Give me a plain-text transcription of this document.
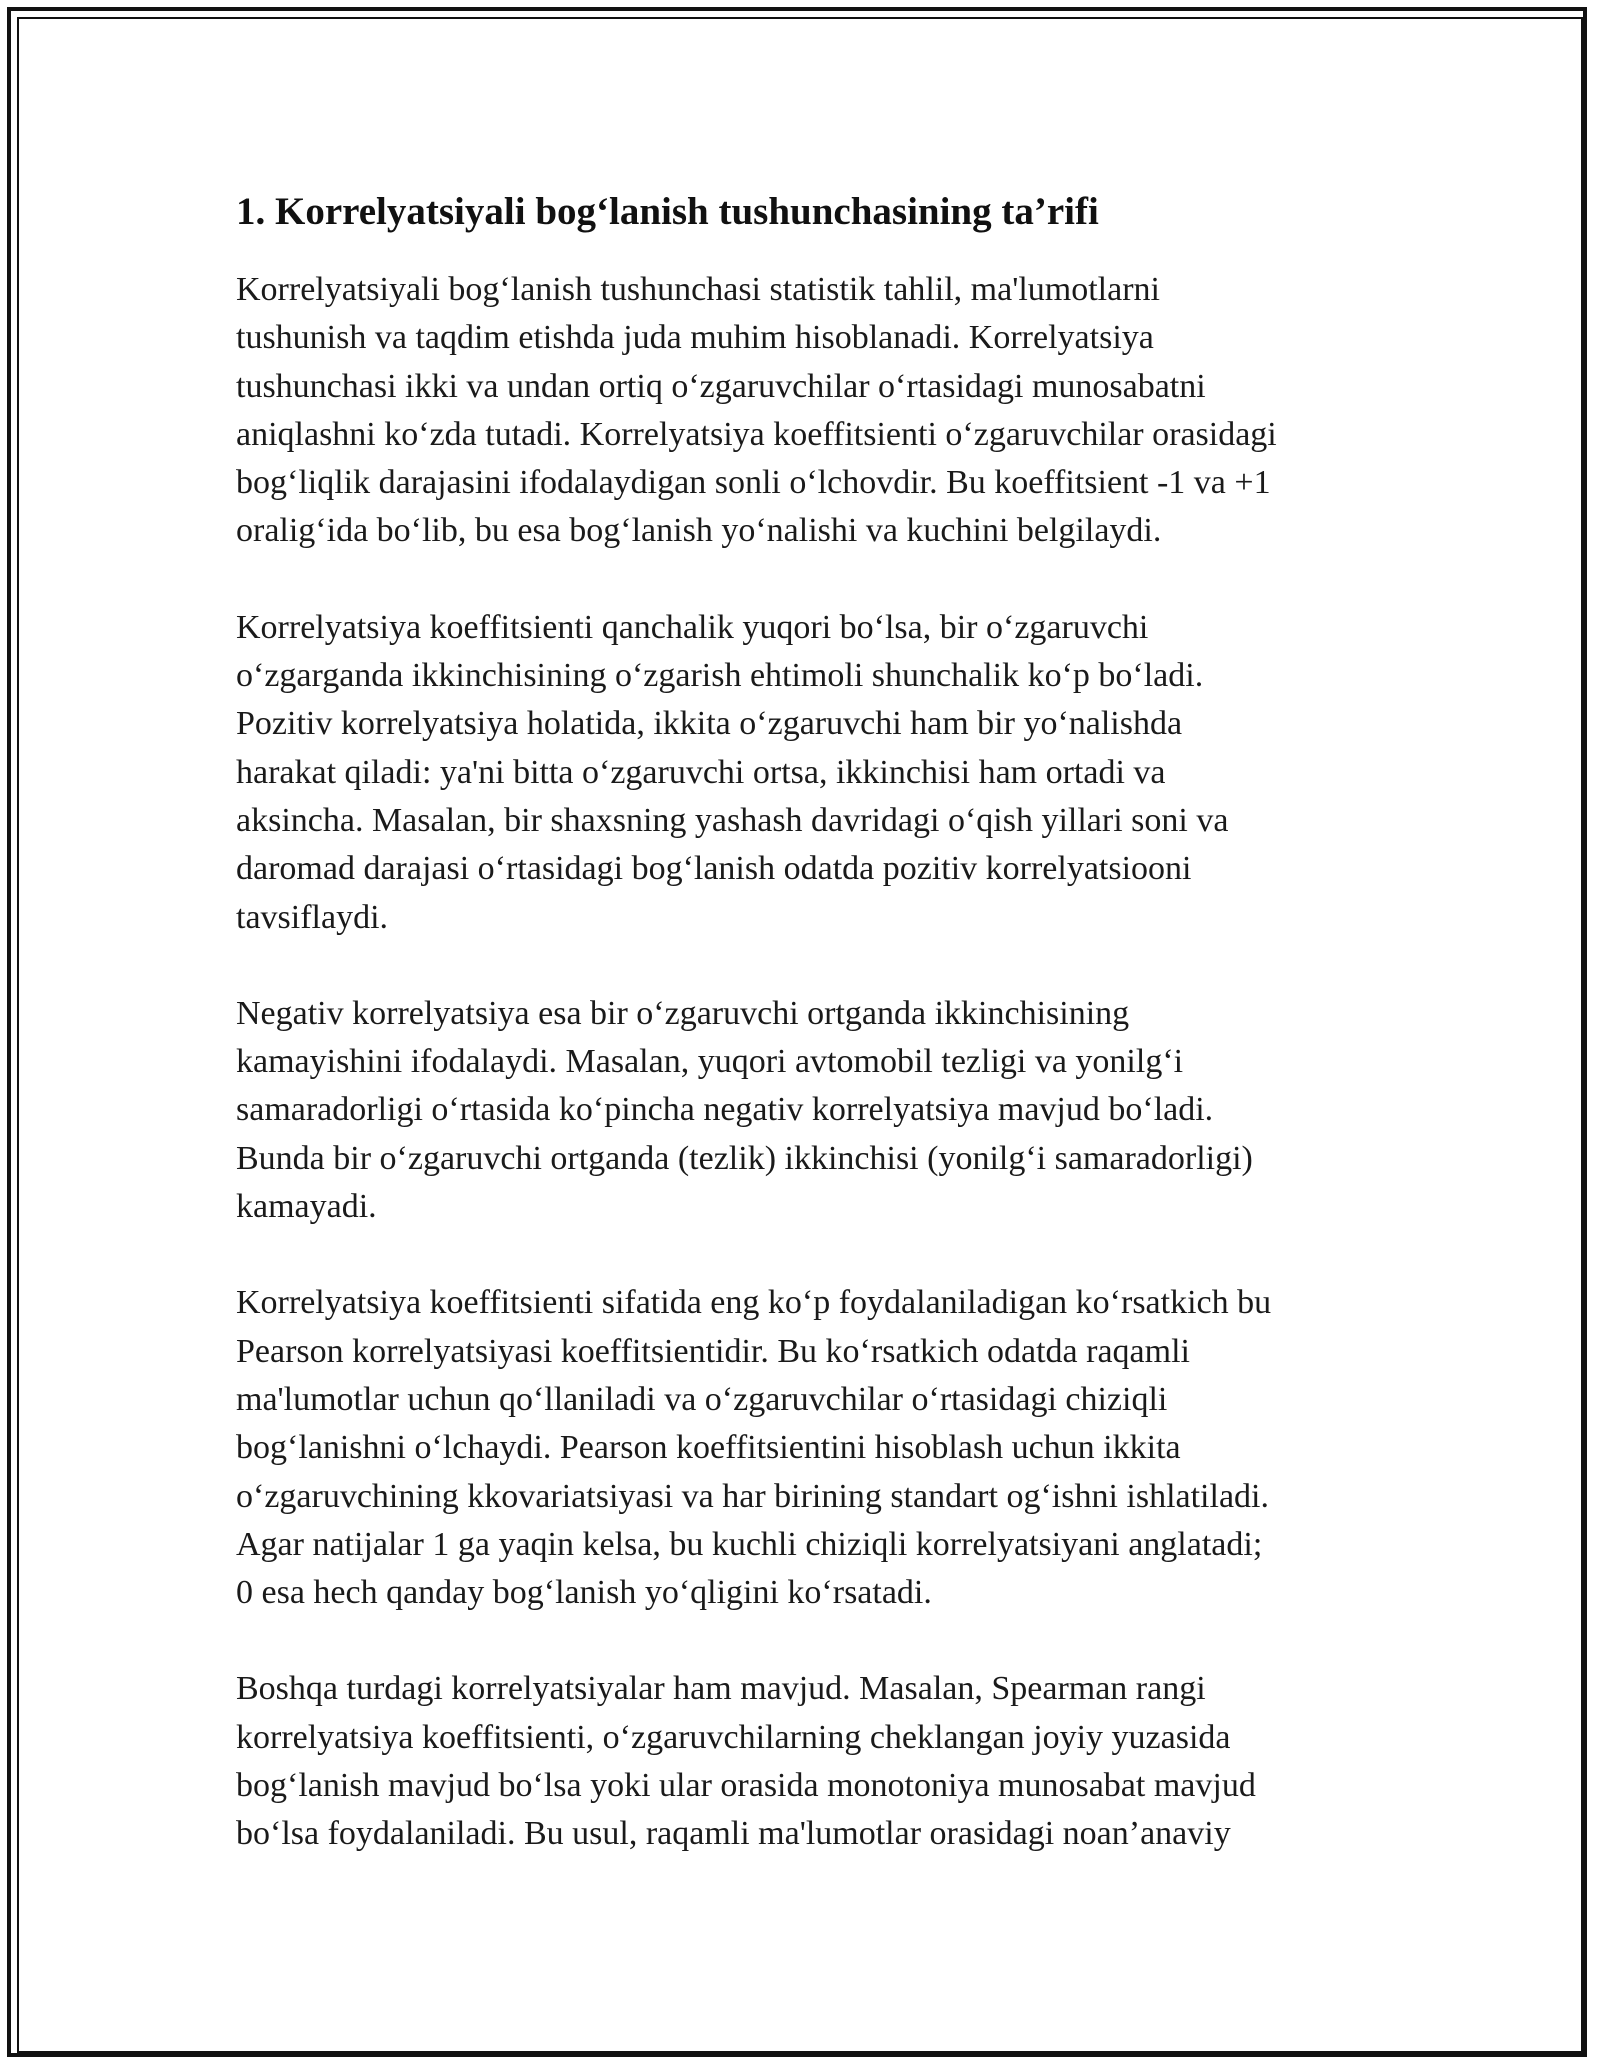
1. Korrelyatsiyali bog‘lanish tushunchasining ta’rifi

Korrelyatsiyali bog‘lanish tushunchasi statistik tahlil, ma'lumotlarni
tushunish va taqdim etishda juda muhim hisoblanadi. Korrelyatsiya
tushunchasi ikki va undan ortiq o‘zgaruvchilar o‘rtasidagi munosabatni
aniqlashni ko‘zda tutadi. Korrelyatsiya koeffitsienti o‘zgaruvchilar orasidagi
bog‘liqlik darajasini ifodalaydigan sonli o‘lchovdir. Bu koeffitsient -1 va +1
oralig‘ida bo‘lib, bu esa bog‘lanish yo‘nalishi va kuchini belgilaydi.

Korrelyatsiya koeffitsienti qanchalik yuqori bo‘lsa, bir o‘zgaruvchi
o‘zgarganda ikkinchisining o‘zgarish ehtimoli shunchalik ko‘p bo‘ladi.
Pozitiv korrelyatsiya holatida, ikkita o‘zgaruvchi ham bir yo‘nalishda
harakat qiladi: ya'ni bitta o‘zgaruvchi ortsa, ikkinchisi ham ortadi va
aksincha. Masalan, bir shaxsning yashash davridagi o‘qish yillari soni va
daromad darajasi o‘rtasidagi bog‘lanish odatda pozitiv korrelyatsiooni
tavsiflaydi.

Negativ korrelyatsiya esa bir o‘zgaruvchi ortganda ikkinchisining
kamayishini ifodalaydi. Masalan, yuqori avtomobil tezligi va yonilg‘i
samaradorligi o‘rtasida ko‘pincha negativ korrelyatsiya mavjud bo‘ladi.
Bunda bir o‘zgaruvchi ortganda (tezlik) ikkinchisi (yonilg‘i samaradorligi)
kamayadi.

Korrelyatsiya koeffitsienti sifatida eng ko‘p foydalaniladigan ko‘rsatkich bu
Pearson korrelyatsiyasi koeffitsientidir. Bu ko‘rsatkich odatda raqamli
ma'lumotlar uchun qo‘llaniladi va o‘zgaruvchilar o‘rtasidagi chiziqli
bog‘lanishni o‘lchaydi. Pearson koeffitsientini hisoblash uchun ikkita
o‘zgaruvchining kkovariatsiyasi va har birining standart og‘ishni ishlatiladi.
Agar natijalar 1 ga yaqin kelsa, bu kuchli chiziqli korrelyatsiyani anglatadi;
0 esa hech qanday bog‘lanish yo‘qligini ko‘rsatadi.

Boshqa turdagi korrelyatsiyalar ham mavjud. Masalan, Spearman rangi
korrelyatsiya koeffitsienti, o‘zgaruvchilarning cheklangan joyiy yuzasida
bog‘lanish mavjud bo‘lsa yoki ular orasida monotoniya munosabat mavjud
bo‘lsa foydalaniladi. Bu usul, raqamli ma'lumotlar orasidagi noan’anaviy
